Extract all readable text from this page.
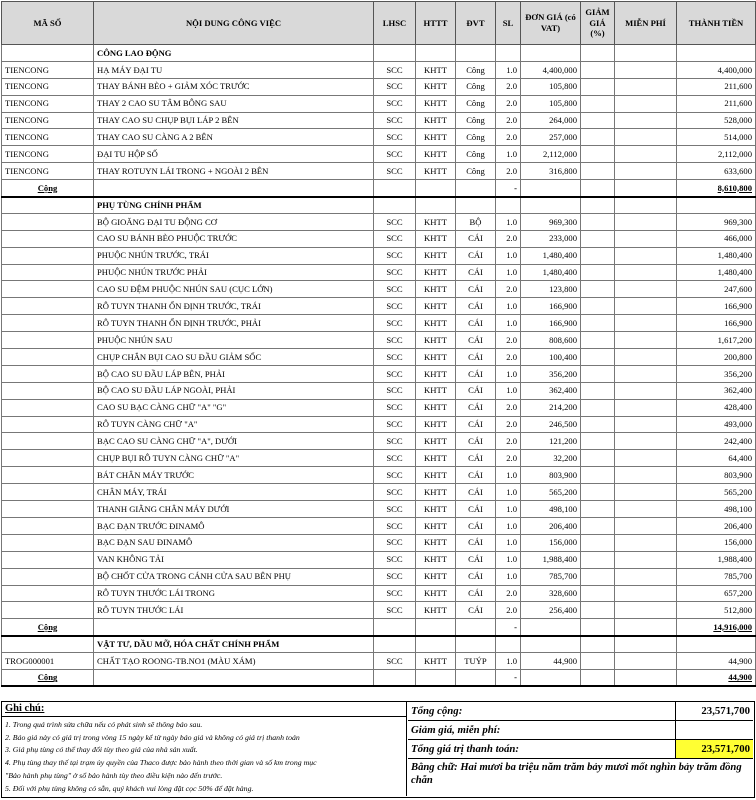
MÃ SỐ	NỘI DUNG CÔNG VIỆC	LHSC	HTTT	ĐVT	SL	ĐƠN GIÁ (có VAT)	GIẢM GIÁ (%)	MIỄN PHÍ	THÀNH TIỀN
	CÔNG LAO ĐỘNG								
TIENCONG	HẠ MÁY ĐẠI TU	SCC	KHTT	Công	1.0	4,400,000			4,400,000
TIENCONG	THAY BÁNH BÈO + GIẢM XÓC TRƯỚC	SCC	KHTT	Công	2.0	105,800			211,600
TIENCONG	THAY 2 CAO SU TÂM BÔNG SAU	SCC	KHTT	Công	2.0	105,800			211,600
TIENCONG	THAY CAO SU CHỤP BỤI LÁP 2 BÊN	SCC	KHTT	Công	2.0	264,000			528,000
TIENCONG	THAY CAO SU CÀNG A 2 BÊN	SCC	KHTT	Công	2.0	257,000			514,000
TIENCONG	ĐẠI TU HỘP SỐ	SCC	KHTT	Công	1.0	2,112,000			2,112,000
TIENCONG	THAY ROTUYN LÁI TRONG + NGOÀI 2 BÊN	SCC	KHTT	Công	2.0	316,800			633,600
Cộng					-				8,610,800
	PHỤ TÙNG CHÍNH PHẨM								
	BỘ GIOĂNG ĐẠI TU ĐỘNG CƠ	SCC	KHTT	BỘ	1.0	969,300			969,300
	CAO SU BÁNH BÈO PHUỘC TRƯỚC	SCC	KHTT	CÁI	2.0	233,000			466,000
	PHUỘC NHÚN TRƯỚC, TRÁI	SCC	KHTT	CÁI	1.0	1,480,400			1,480,400
	PHUỘC NHÚN TRƯỚC PHẢI	SCC	KHTT	CÁI	1.0	1,480,400			1,480,400
	CAO SU ĐỆM PHUỘC NHÚN SAU (CỤC LỚN)	SCC	KHTT	CÁI	2.0	123,800			247,600
	RÔ TUYN THANH ỔN ĐỊNH TRƯỚC, TRÁI	SCC	KHTT	CÁI	1.0	166,900			166,900
	RÔ TUYN THANH ỔN ĐỊNH TRƯỚC, PHẢI	SCC	KHTT	CÁI	1.0	166,900			166,900
	PHUỘC NHÚN SAU	SCC	KHTT	CÁI	2.0	808,600			1,617,200
	CHỤP CHẮN BỤI CAO SU ĐẦU GIẢM SỐC	SCC	KHTT	CÁI	2.0	100,400			200,800
	BỘ CAO SU ĐẦU LÁP BÊN, PHẢI	SCC	KHTT	CÁI	1.0	356,200			356,200
	BỘ CAO SU ĐẦU LÁP NGOÀI, PHẢI	SCC	KHTT	CÁI	1.0	362,400			362,400
	CAO SU BẠC CÀNG CHỮ "A" "G"	SCC	KHTT	CÁI	2.0	214,200			428,400
	RÔ TUYN CÀNG CHỮ "A"	SCC	KHTT	CÁI	2.0	246,500			493,000
	BẠC CAO SU CÀNG CHỮ "A", DƯỚI	SCC	KHTT	CÁI	2.0	121,200			242,400
	CHỤP BỤI RÔ TUYN CÀNG CHỮ "A"	SCC	KHTT	CÁI	2.0	32,200			64,400
	BÁT CHÂN MÁY TRƯỚC	SCC	KHTT	CÁI	1.0	803,900			803,900
	CHÂN MÁY, TRÁI	SCC	KHTT	CÁI	1.0	565,200			565,200
	THANH GIẰNG CHÂN MÁY DƯỚI	SCC	KHTT	CÁI	1.0	498,100			498,100
	BẠC ĐẠN TRƯỚC ĐINAMÔ	SCC	KHTT	CÁI	1.0	206,400			206,400
	BẠC ĐẠN SAU ĐINAMÔ	SCC	KHTT	CÁI	1.0	156,000			156,000
	VAN KHÔNG TẢI	SCC	KHTT	CÁI	1.0	1,988,400			1,988,400
	BỘ CHỐT CỬA TRONG CÁNH CỬA SAU BÊN PHỤ	SCC	KHTT	CÁI	1.0	785,700			785,700
	RÔ TUYN THƯỚC LÁI TRONG	SCC	KHTT	CÁI	2.0	328,600			657,200
	RÔ TUYN THƯỚC LÁI	SCC	KHTT	CÁI	2.0	256,400			512,800
Cộng					-				14,916,000
	VẬT TƯ, DẦU MỠ, HÓA CHẤT CHÍNH PHẨM								
TROG000001	CHẤT TẠO ROONG-TB.NO1 (MÀU XÁM)	SCC	KHTT	TUÝP	1.0	44,900			44,900
Cộng					-				44,900
Ghi chú:
1. Trong quá trình sửa chữa nếu có phát sinh sẽ thông báo sau.
2. Báo giá này có giá trị trong vòng 15 ngày kể từ ngày báo giá và không có giá trị thanh toán
3. Giá phụ tùng có thể thay đổi tùy theo giá của nhà sản xuất.
4. Phụ tùng thay thế tại trạm ủy quyền của Thaco được bảo hành theo thời gian và số km trong mục
"Bảo hành phụ tùng" ở sổ bảo hành tùy theo điều kiện nào đến trước.
5. Đối với phụ tùng không có sẵn, quý khách vui lòng đặt cọc 50% để đặt hàng.
Tổng cộng:	23,571,700
Giảm giá, miễn phí:
Tổng giá trị thanh toán:	23,571,700
Bằng chữ: Hai mươi ba triệu năm trăm bảy mươi mốt nghìn bảy trăm đồng chẵn
